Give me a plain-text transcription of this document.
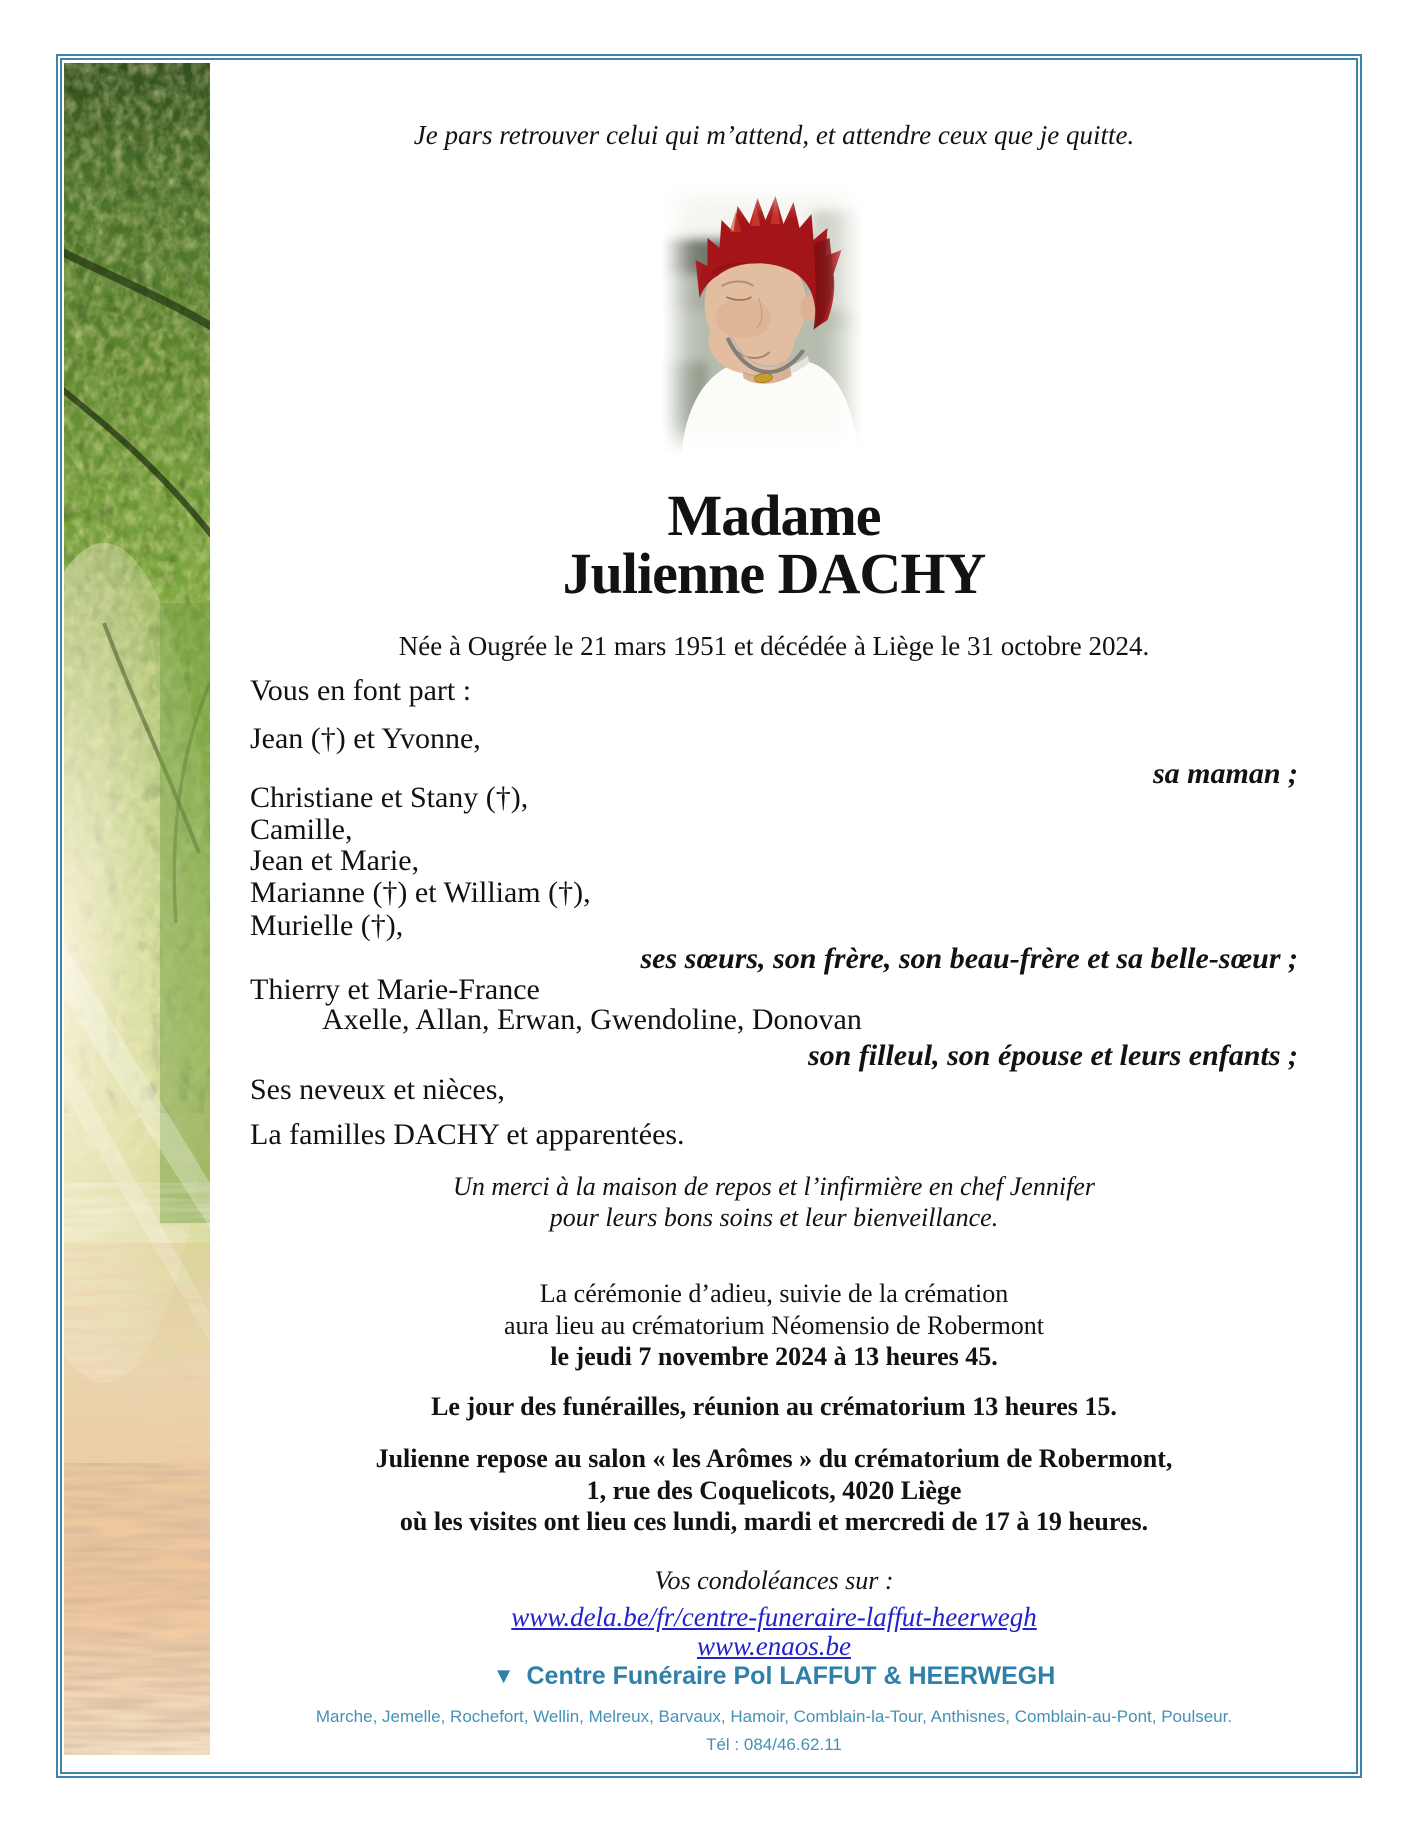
Je pars retrouver celui qui m’attend, et attendre ceux que je quitte.
Madame
Julienne DACHY
Née à Ougrée le 21 mars 1951 et décédée à Liège le 31 octobre 2024.
Vous en font part :
Jean (†) et Yvonne,
sa maman ;
Christiane et Stany (†),
Camille,
Jean et Marie,
Marianne (†) et William (†),
Murielle (†),
ses sœurs, son frère, son beau-frère et sa belle-sœur ;
Thierry et Marie-France
Axelle, Allan, Erwan, Gwendoline, Donovan
son filleul, son épouse et leurs enfants ;
Ses neveux et nièces,
La familles DACHY et apparentées.
Un merci à la maison de repos et l’infirmière en chef Jennifer
pour leurs bons soins et leur bienveillance.
La cérémonie d’adieu, suivie de la crémation
aura lieu au crématorium Néomensio de Robermont
le jeudi 7 novembre 2024 à 13 heures 45.
Le jour des funérailles, réunion au crématorium 13 heures 15.
Julienne repose au salon « les Arômes » du crématorium de Robermont,
1, rue des Coquelicots, 4020 Liège
où les visites ont lieu ces lundi, mardi et mercredi de 17 à 19 heures.
Vos condoléances sur :
www.dela.be/fr/centre-funeraire-laffut-heerwegh
www.enaos.be
▼ Centre Funéraire Pol LAFFUT & HEERWEGH
Marche, Jemelle, Rochefort, Wellin, Melreux, Barvaux, Hamoir, Comblain-la-Tour, Anthisnes, Comblain-au-Pont, Poulseur.
Tél : 084/46.62.11
